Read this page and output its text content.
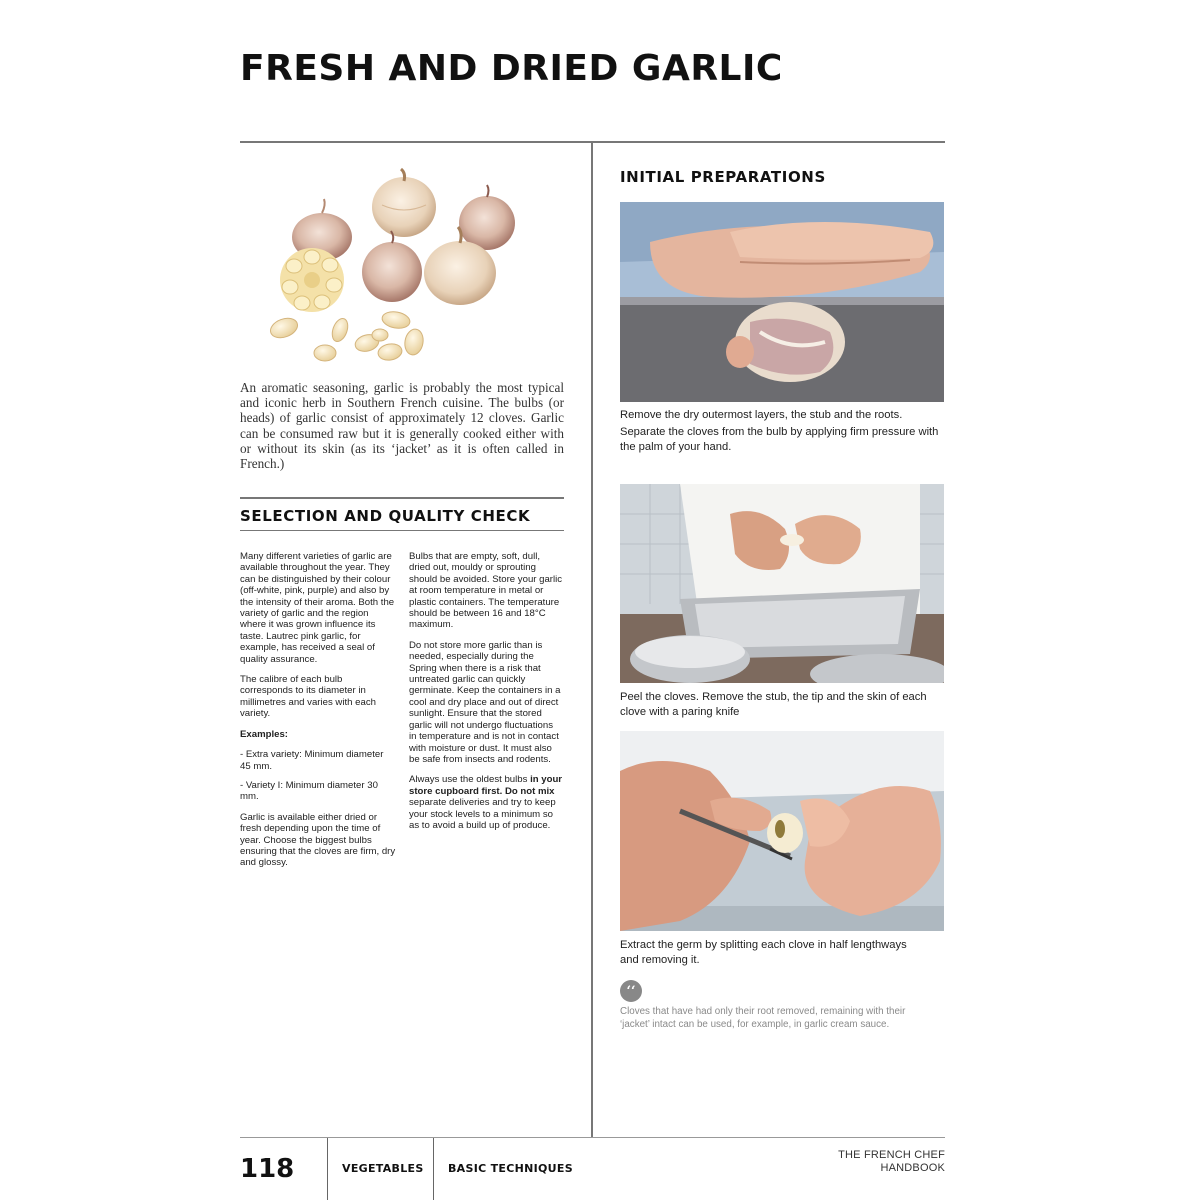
FRESH AND DRIED GARLIC
An aromatic seasoning, garlic is probably the most typical and iconic herb in Southern French cuisine. The bulbs (or heads) of garlic consist of approximately 12 cloves. Garlic can be consumed raw but it is generally cooked either with or without its skin (as its ‘jacket’ as it is often called in French.)
SELECTION AND QUALITY CHECK

Many different varieties of garlic are available throughout the year. They can be distinguished by their colour (off-white, pink, purple) and also by the intensity of their aroma. Both the variety of garlic and the region where it was grown influence its taste. Lautrec pink garlic, for example, has received a seal of quality assurance.

The calibre of each bulb corresponds to its diameter in millimetres and varies with each variety.

Examples:

- Extra variety: Minimum diameter 45 mm.
- Variety I: Minimum diameter 30 mm.

Garlic is available either dried or fresh depending upon the time of year. Choose the biggest bulbs ensuring that the cloves are firm, dry and glossy.

Bulbs that are empty, soft, dull, dried out, mouldy or sprouting should be avoided. Store your garlic at room temperature in metal or plastic containers. The temperature should be between 16 and 18°C maximum.

Do not store more garlic than is needed, especially during the Spring when there is a risk that untreated garlic can quickly germinate. Keep the containers in a cool and dry place and out of direct sunlight. Ensure that the stored garlic will not undergo fluctuations in temperature and is not in contact with moisture or dust. It must also be safe from insects and rodents.

Always use the oldest bulbs in your store cupboard first. Do not mix separate deliveries and try to keep your stock levels to a minimum so as to avoid a build up of produce.

INITIAL PREPARATIONS

Remove the dry outermost layers, the stub and the roots.

Separate the cloves from the bulb by applying firm pressure with the palm of your hand.

Peel the cloves. Remove the stub, the tip and the skin of each clove with a paring knife

Extract the germ by splitting each clove in half lengthways and removing it.

‘‘
Cloves that have had only their root removed, remaining with their ‘jacket’ intact can be used, for example, in garlic cream sauce.
118	VEGETABLES BASIC TECHNIQUES
THE FRENCH CHEF
HANDBOOK
